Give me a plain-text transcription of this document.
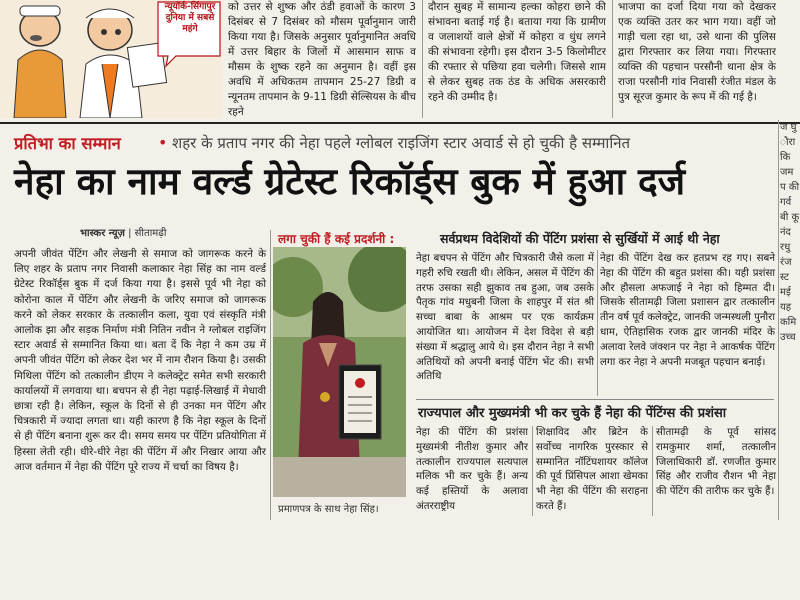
.
न्यूयॉर्क-सिंगापुर दुनिया में सबसे महंगे
को उत्तर से शुष्क और ठंडी हवाओं के कारण 3 दिसंबर से 7 दिसंबर को मौसम पूर्वानुमान जारी किया गया है। जिसके अनुसार पूर्वानुमानित अवधि में उत्तर बिहार के जिलों में आसमान साफ व मौसम के शुष्क रहने का अनुमान है। वहीं इस अवधि में अधिकतम तापमान 25-27 डिग्री व न्यूनतम तापमान के 9-11 डिग्री सेल्सियस के बीच रहने
दौरान सुबह में सामान्य हल्का कोहरा छाने की संभावना बताई गई है। बताया गया कि ग्रामीण व जलाशयों वाले क्षेत्रों में कोहरा व धुंध लगने की संभावना रहेगी। इस दौरान 3-5 किलोमीटर की रफ्तार से पछिया हवा चलेगी। जिससे शाम से लेकर सुबह तक ठंड के अधिक असरकारी रहने की उम्मीद है।
भाजपा का दर्जा दिया गया को देखकर एक व्यक्ति उतर कर भाग गया। वहीं जो गाड़ी चला रहा था, उसे थाना की पुलिस द्वारा गिरफ्तार कर लिया गया। गिरफ्तार व्यक्ति की पहचान परसौनी थाना क्षेत्र के राजा परसौनी गांव निवासी रंजीत मंडल के पुत्र सूरज कुमार के रूप में की गई है।
प्रतिभा का सम्मान • शहर के प्रताप नगर की नेहा पहले ग्लोबल राइजिंग स्टार अवार्ड से हो चुकी है सम्मानित
नेहा का नाम वर्ल्ड ग्रेटेस्ट रिकॉर्ड्स बुक में हुआ दर्ज
भास्कर न्यूज़ | सीतामढ़ी
अपनी जीवंत पेंटिंग और लेखनी से समाज को जागरूक करने के लिए शहर के प्रताप नगर निवासी कलाकार नेहा सिंह का नाम वर्ल्ड ग्रेटेस्ट रिकॉर्ड्स बुक में दर्ज किया गया है। इससे पूर्व भी नेहा को कोरोना काल में पेंटिंग और लेखनी के जरिए समाज को जागरूक करने को लेकर सरकार के तत्कालीन कला, युवा एवं संस्कृति मंत्री आलोक झा और सड़क निर्माण मंत्री नितिन नवीन ने ग्लोबल राइजिंग स्टार अवार्ड से सम्मानित किया था। बता दें कि नेहा ने कम उम्र में अपनी जीवंत पेंटिंग को लेकर देश भर में नाम रौशन किया है। उसकी मिथिला पेंटिंग को तत्कालीन डीएम ने कलेक्ट्रेट समेत सभी सरकारी कार्यालयों में लगवाया था। बचपन से ही नेहा पढ़ाई-लिखाई में मेधावी छात्रा रही है। लेकिन, स्कूल के दिनों से ही उनका मन पेंटिंग और चित्रकारी में ज्यादा लगता था। यही कारण है कि नेहा स्कूल के दिनों से ही पेंटिंग बनाना शुरू कर दी। समय समय पर पेंटिंग प्रतियोगिता में हिस्सा लेती रही। धीरे-धीरे नेहा की पेंटिंग में और निखार आया और आज वर्तमान में नेहा की पेंटिंग पूरे राज्य में चर्चा का विषय है।
लगा चुकी हैं कई प्रदर्शनी :	सर्वप्रथम विदेशियों की पेंटिंग प्रशंसा से सुर्खियों में आई थी नेहा
प्रमाणपत्र के साथ नेहा सिंह।
नेहा बचपन से पेंटिंग और चित्रकारी जैसे कला में गहरी रुचि रखती थी। लेकिन, असल में पेंटिंग की तरफ उसका सही झुकाव तब हुआ, जब उसके पैतृक गांव मधुबनी जिला के शाहपुर में संत श्री सच्चा बाबा के आश्रम पर एक कार्यक्रम आयोजित था। आयोजन में देश विदेश से बड़ी संख्या में श्रद्धालु आये थे। इस दौरान नेहा ने सभी अतिथियों को अपनी बनाई पेंटिंग भेंट की। सभी अतिथि
नेहा की पेंटिंग देख कर हतप्रभ रह गए। सबने नेहा की पेंटिंग की बहुत प्रशंसा की। यही प्रशंसा और हौसला अफजाई ने नेहा को हिम्मत दी। जिसके सीतामढ़ी जिला प्रशासन द्वार तत्कालीन तीन वर्ष पूर्व कलेक्ट्रेट, जानकी जन्मस्थली पुनौरा धाम, ऐतिहासिक रजक द्वार जानकी मंदिर के अलावा रेलवे जंक्शन पर नेहा ने आकर्षक पेंटिंग लगा कर नेहा ने अपनी मजबूत पहचान बनाई।
राज्यपाल और मुख्यमंत्री भी कर चुके हैं नेहा की पेंटिंग्स की प्रशंसा
नेहा की पेंटिंग की प्रशंसा मुख्यमंत्री नीतीश कुमार और तत्कालीन राज्यपाल सत्यपाल मलिक भी कर चुके हैं। अन्य कई हस्तियों के अलावा अंतरराष्ट्रीय
शिक्षाविद और ब्रिटेन के सर्वोच्च नागरिक पुरस्कार से सम्मानित नॉटिंघशायर कॉलेज की पूर्व प्रिंसिपल आशा खेमका भी नेहा की पेंटिंग की सराहना करते हैं।
सीतामढ़ी के पूर्व सांसद रामकुमार शर्मा, तत्कालीन जिलाधिकारी डॉ. रणजीत कुमार सिंह और राजीव रौशन भी नेहा की पेंटिंग की तारीफ कर चुके हैं।
ज घु ौरा कि जम प की गर्व बी कू नंद रधु रंज स्ट मई यह कमि उच्च
